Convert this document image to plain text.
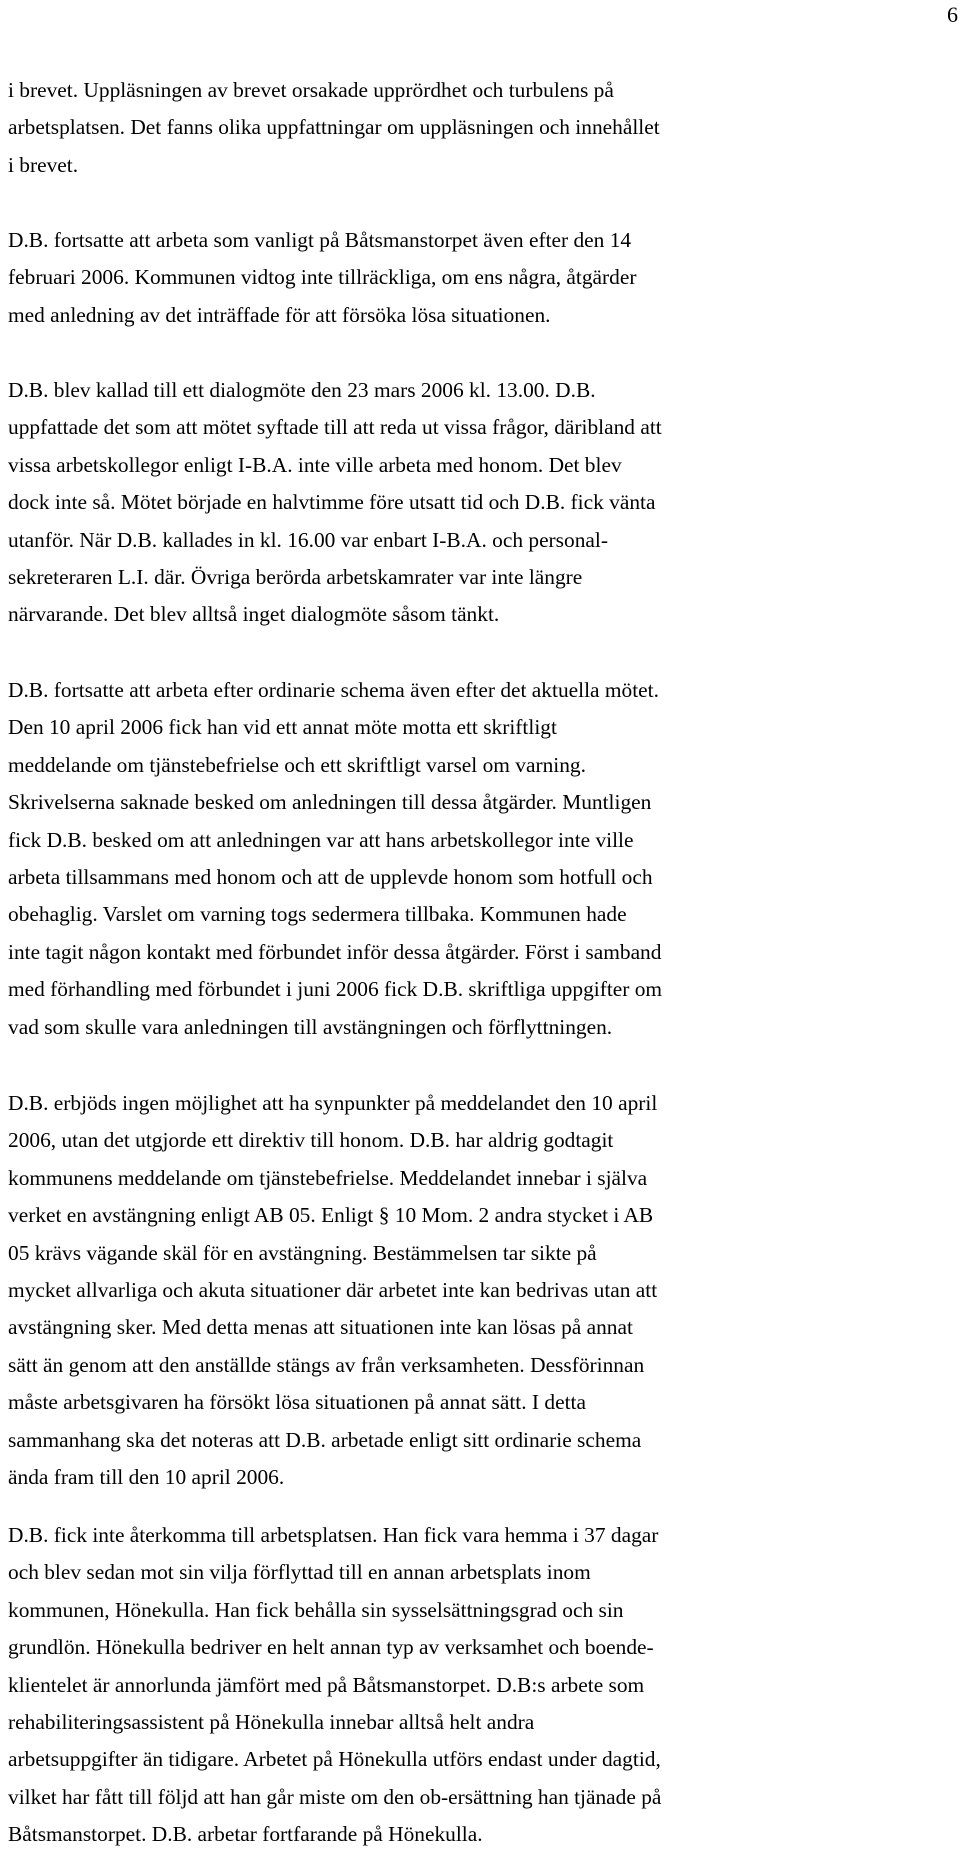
6

i brevet. Uppläsningen av brevet orsakade upprördhet och turbulens på
arbetsplatsen. Det fanns olika uppfattningar om uppläsningen och innehållet
i brevet.

D.B. fortsatte att arbeta som vanligt på Båtsmanstorpet även efter den 14
februari 2006. Kommunen vidtog inte tillräckliga, om ens några, åtgärder
med anledning av det inträffade för att försöka lösa situationen.

D.B. blev kallad till ett dialogmöte den 23 mars 2006 kl. 13.00. D.B.
uppfattade det som att mötet syftade till att reda ut vissa frågor, däribland att
vissa arbetskollegor enligt I-B.A. inte ville arbeta med honom. Det blev
dock inte så. Mötet började en halvtimme före utsatt tid och D.B. fick vänta
utanför. När D.B. kallades in kl. 16.00 var enbart I-B.A. och personal-
sekreteraren L.I. där. Övriga berörda arbetskamrater var inte längre
närvarande. Det blev alltså inget dialogmöte såsom tänkt.

D.B. fortsatte att arbeta efter ordinarie schema även efter det aktuella mötet.
Den 10 april 2006 fick han vid ett annat möte motta ett skriftligt
meddelande om tjänstebefrielse och ett skriftligt varsel om varning.
Skrivelserna saknade besked om anledningen till dessa åtgärder. Muntligen
fick D.B. besked om att anledningen var att hans arbetskollegor inte ville
arbeta tillsammans med honom och att de upplevde honom som hotfull och
obehaglig. Varslet om varning togs sedermera tillbaka. Kommunen hade
inte tagit någon kontakt med förbundet inför dessa åtgärder. Först i samband
med förhandling med förbundet i juni 2006 fick D.B. skriftliga uppgifter om
vad som skulle vara anledningen till avstängningen och förflyttningen.

D.B. erbjöds ingen möjlighet att ha synpunkter på meddelandet den 10 april
2006, utan det utgjorde ett direktiv till honom. D.B. har aldrig godtagit
kommunens meddelande om tjänstebefrielse. Meddelandet innebar i själva
verket en avstängning enligt AB 05. Enligt § 10 Mom. 2 andra stycket i AB
05 krävs vägande skäl för en avstängning. Bestämmelsen tar sikte på
mycket allvarliga och akuta situationer där arbetet inte kan bedrivas utan att
avstängning sker. Med detta menas att situationen inte kan lösas på annat
sätt än genom att den anställde stängs av från verksamheten. Dessförinnan
måste arbetsgivaren ha försökt lösa situationen på annat sätt. I detta
sammanhang ska det noteras att D.B. arbetade enligt sitt ordinarie schema
ända fram till den 10 april 2006.

D.B. fick inte återkomma till arbetsplatsen. Han fick vara hemma i 37 dagar
och blev sedan mot sin vilja förflyttad till en annan arbetsplats inom
kommunen, Hönekulla. Han fick behålla sin sysselsättningsgrad och sin
grundlön. Hönekulla bedriver en helt annan typ av verksamhet och boende-
klientelet är annorlunda jämfört med på Båtsmanstorpet. D.B:s arbete som
rehabiliteringsassistent på Hönekulla innebar alltså helt andra
arbetsuppgifter än tidigare. Arbetet på Hönekulla utförs endast under dagtid,
vilket har fått till följd att han går miste om den ob-ersättning han tjänade på
Båtsmanstorpet. D.B. arbetar fortfarande på Hönekulla.
